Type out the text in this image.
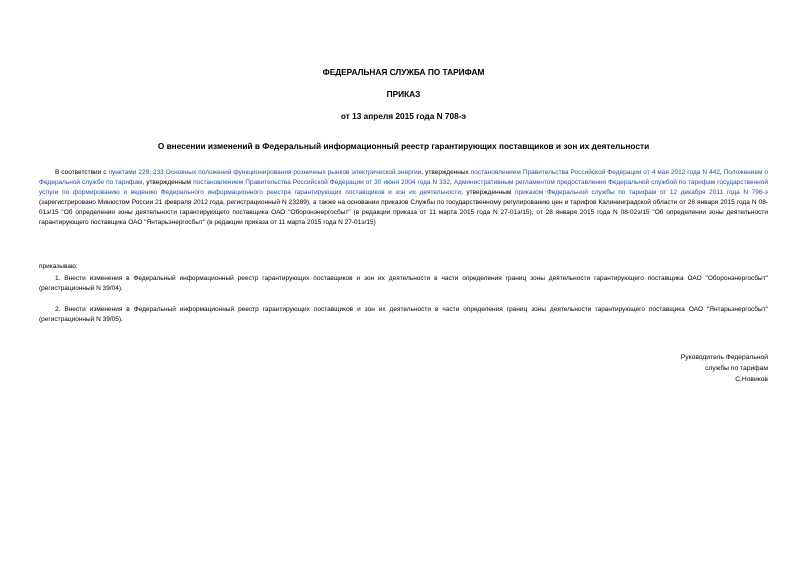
ФЕДЕРАЛЬНАЯ СЛУЖБА ПО ТАРИФАМ
ПРИКАЗ
от 13 апреля 2015 года N 708-э
О внесении изменений в Федеральный информационный реестр гарантирующих поставщиков и зон их деятельности
В соответствии с пунктами 229, 233 Основных положений функционирования розничных рынков электрической энергии, утвержденных постановлением Правительства Российской Федерации от 4 мая 2012 года N 442, Положением о Федеральной службе по тарифам, утвержденным постановлением Правительства Российской Федерации от 30 июня 2004 года N 332, Административным регламентом предоставления Федеральной службой по тарифам государственной услуги по формированию и ведению Федерального информационного реестра гарантирующих поставщиков и зон их деятельности, утвержденным приказом Федеральной службы по тарифам от 12 декабря 2011 года N 796-э (зарегистрировано Минюстом России 21 февраля 2012 года, регистрационный N 23289), а также на основании приказов Службы по государственному регулированию цен и тарифов Калининградской области от 28 января 2015 года N 08-01э/15 "Об определении зоны деятельности гарантирующего поставщика ОАО "Оборонэнергосбыт" (в редакции приказа от 11 марта 2015 года N 27-01э/15), от 28 января 2015 года N 08-02э/15 "Об определении зоны деятельности гарантирующего поставщика ОАО "Янтарьэнергосбыт" (в редакции приказа от 11 марта 2015 года N 27-01э/15)
приказываю:
1. Внести изменения в Федеральный информационный реестр гарантирующих поставщиков и зон их деятельности в части определения границ зоны деятельности гарантирующего поставщика ОАО "Оборонэнергосбыт" (регистрационный N 39/04).
2. Внести изменения в Федеральный информационный реестр гарантирующих поставщиков и зон их деятельности в части определения границ зоны деятельности гарантирующего поставщика ОАО "Янтарьэнергосбыт" (регистрационный N 39/05).
Руководитель Федеральной
службы по тарифам
С.Новиков
